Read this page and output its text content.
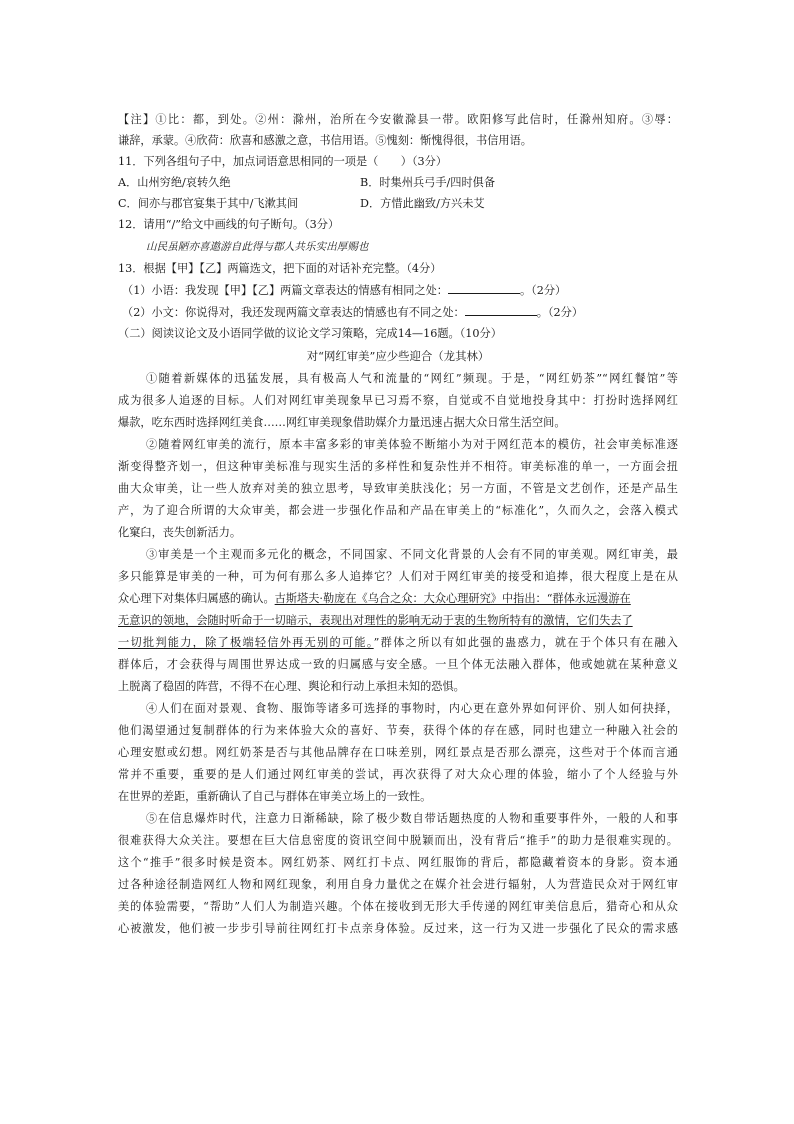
【注】①比：都，到处。②州：滁州，治所在今安徽滁县一带。欧阳修写此信时，任滁州知府。③辱：
谦辞，承蒙。④欣荷：欣喜和感激之意，书信用语。⑤愧刻：惭愧得很，书信用语。
11．下列各组句子中，加点词语意思相同的一项是（　　）（3分）
A．山州穷绝/哀转久绝	B．时集州兵弓手/四时俱备
C．间亦与郡官宴集于其中/飞漱其间	D．方惜此幽致/方兴未艾
12．请用“/”给文中画线的句子断句。（3分）
山民虽陋亦喜遨游自此得与郡人共乐实出厚赐也
13．根据【甲】【乙】两篇选文，把下面的对话补充完整。（4分）
（1）小语：我发现【甲】【乙】两篇文章表达的情感有相同之处：	。（2分）
（2）小文：你说得对，我还发现两篇文章表达的情感也有不同之处：	。（2分）
（二）阅读议论文及小语同学做的议论文学习策略，完成14—16题。（10分）
对“网红审美”应少些迎合（龙其林）
①随着新媒体的迅猛发展，具有极高人气和流量的“网红”频现。于是，“网红奶茶”“网红餐馆”等
成为很多人追逐的目标。人们对网红审美现象早已习焉不察，自觉或不自觉地投身其中：打扮时选择网红
爆款，吃东西时选择网红美食……网红审美现象借助媒介力量迅速占据大众日常生活空间。
②随着网红审美的流行，原本丰富多彩的审美体验不断缩小为对于网红范本的模仿，社会审美标准逐
渐变得整齐划一，但这种审美标准与现实生活的多样性和复杂性并不相符。审美标准的单一，一方面会扭
曲大众审美，让一些人放弃对美的独立思考，导致审美肤浅化；另一方面，不管是文艺创作，还是产品生
产，为了迎合所谓的大众审美，都会进一步强化作品和产品在审美上的“标准化”，久而久之，会落入模式
化窠臼，丧失创新活力。
③审美是一个主观而多元化的概念，不同国家、不同文化背景的人会有不同的审美观。网红审美，最
多只能算是审美的一种，可为何有那么多人追捧它？人们对于网红审美的接受和追捧，很大程度上是在从
众心理下对集体归属感的确认。古斯塔夫·勒庞在《乌合之众：大众心理研究》中指出：“群体永远漫游在
无意识的领地，会随时听命于一切暗示，表现出对理性的影响无动于衷的生物所特有的激情，它们失去了
一切批判能力，除了极端轻信外再无别的可能。”群体之所以有如此强的蛊惑力，就在于个体只有在融入
群体后，才会获得与周围世界达成一致的归属感与安全感。一旦个体无法融入群体，他或她就在某种意义
上脱离了稳固的阵营，不得不在心理、舆论和行动上承担未知的恐惧。
④人们在面对景观、食物、服饰等诸多可选择的事物时，内心更在意外界如何评价、别人如何抉择，
他们渴望通过复制群体的行为来体验大众的喜好、节奏，获得个体的存在感，同时也建立一种融入社会的
心理安慰或幻想。网红奶茶是否与其他品牌存在口味差别，网红景点是否那么漂亮，这些对于个体而言通
常并不重要，重要的是人们通过网红审美的尝试，再次获得了对大众心理的体验，缩小了个人经验与外
在世界的差距，重新确认了自己与群体在审美立场上的一致性。
⑤在信息爆炸时代，注意力日渐稀缺，除了极少数自带话题热度的人物和重要事件外，一般的人和事
很难获得大众关注。要想在巨大信息密度的资讯空间中脱颖而出，没有背后“推手”的助力是很难实现的。
这个“推手”很多时候是资本。网红奶茶、网红打卡点、网红服饰的背后，都隐藏着资本的身影。资本通
过各种途径制造网红人物和网红现象，利用自身力量优之在媒介社会进行辐射，人为营造民众对于网红审
美的体验需要，“帮助”人们人为制造兴趣。个体在接收到无形大手传递的网红审美信息后，猎奇心和从众
心被激发，他们被一步步引导前往网红打卡点亲身体验。反过来，这一行为又进一步强化了民众的需求感
